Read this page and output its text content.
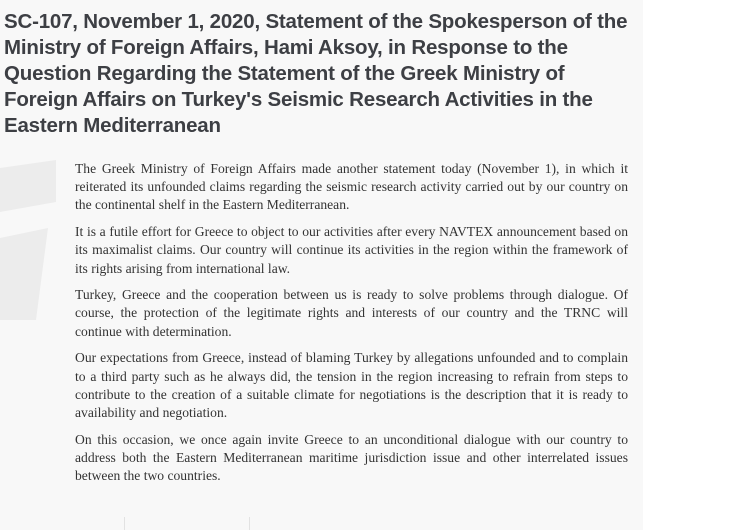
SC-107, November 1, 2020, Statement of the Spokesperson of the Ministry of Foreign Affairs, Hami Aksoy, in Response to the Question Regarding the Statement of the Greek Ministry of Foreign Affairs on Turkey's Seismic Research Activities in the Eastern Mediterranean

The Greek Ministry of Foreign Affairs made another statement today (November 1), in which it reiterated its unfounded claims regarding the seismic research activity carried out by our country on the continental shelf in the Eastern Mediterranean.

It is a futile effort for Greece to object to our activities after every NAVTEX announcement based on its maximalist claims. Our country will continue its activities in the region within the framework of its rights arising from international law.

Turkey, Greece and the cooperation between us is ready to solve problems through dialogue. Of course, the protection of the legitimate rights and interests of our country and the TRNC will continue with determination.

Our expectations from Greece, instead of blaming Turkey by allegations unfounded and to complain to a third party such as he always did, the tension in the region increasing to refrain from steps to contribute to the creation of a suitable climate for negotiations is the description that it is ready to availability and negotiation.

On this occasion, we once again invite Greece to an unconditional dialogue with our country to address both the Eastern Mediterranean maritime jurisdiction issue and other interrelated issues between the two countries.
